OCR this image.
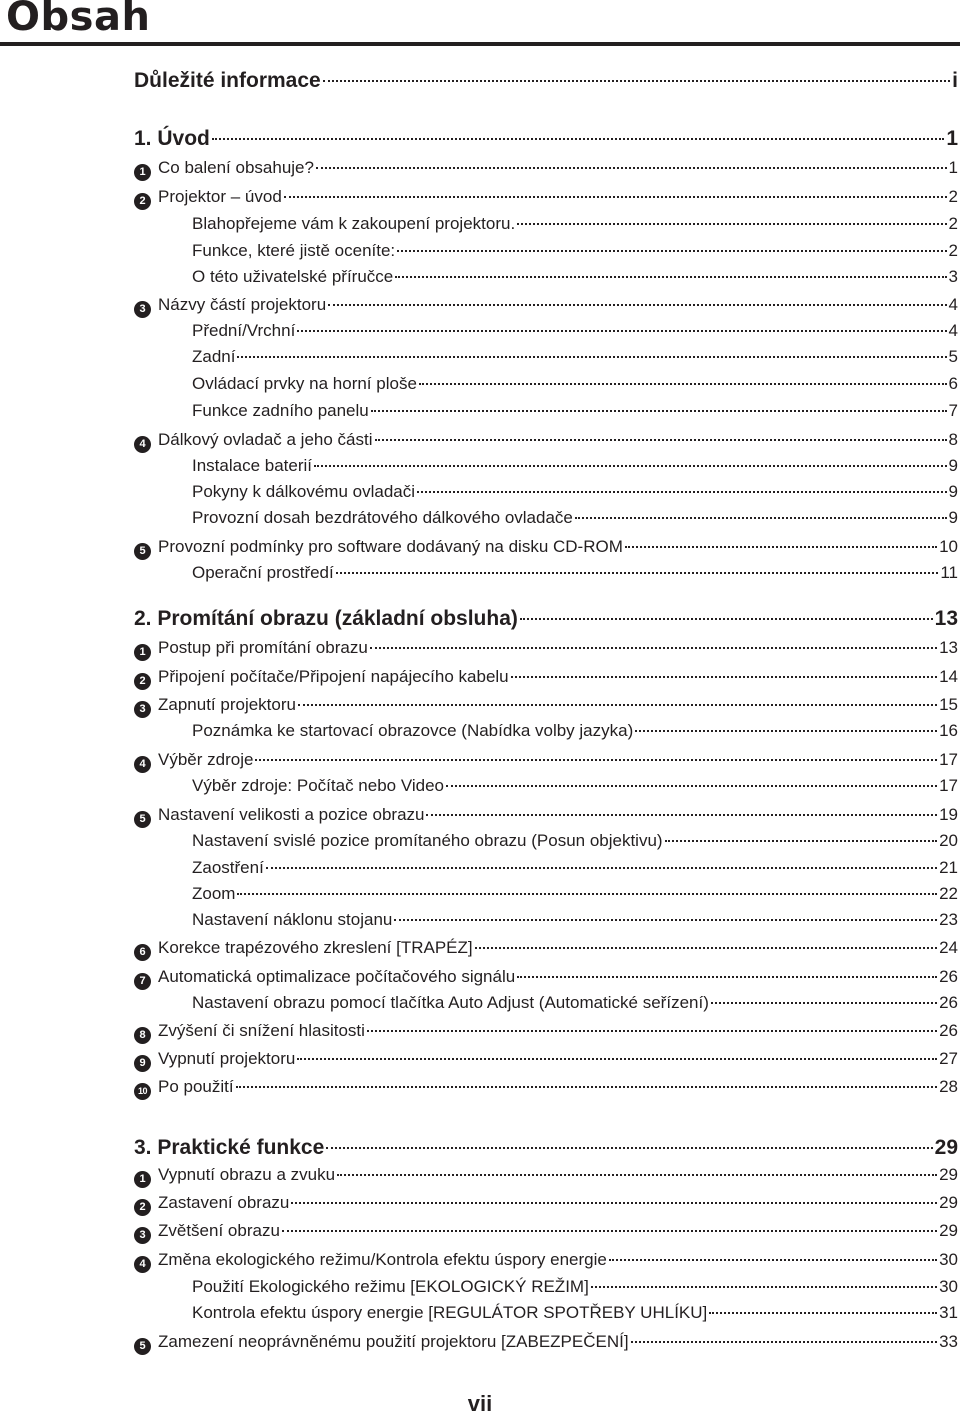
Obsah
Důležité informace	i
1. Úvod	1
1 Co balení obsahuje?	1
2 Projektor – úvod	2
Blahopřejeme vám k zakoupení projektoru.	2
Funkce, které jistě oceníte:	2
O této uživatelské příručce	3
3 Názvy částí projektoru	4
Přední/Vrchní	4
Zadní	5
Ovládací prvky na horní ploše	6
Funkce zadního panelu	7
4 Dálkový ovladač a jeho části	8
Instalace baterií	9
Pokyny k dálkovému ovladači	9
Provozní dosah bezdrátového dálkového ovladače	9
5 Provozní podmínky pro software dodávaný na disku CD-ROM	10
Operační prostředí	11
2. Promítání obrazu (základní obsluha)	13
1 Postup při promítání obrazu	13
2 Připojení počítače/Připojení napájecího kabelu	14
3 Zapnutí projektoru	15
Poznámka ke startovací obrazovce (Nabídka volby jazyka)	16
4 Výběr zdroje	17
Výběr zdroje: Počítač nebo Video	17
5 Nastavení velikosti a pozice obrazu	19
Nastavení svislé pozice promítaného obrazu (Posun objektivu)	20
Zaostření	21
Zoom	22
Nastavení náklonu stojanu	23
6 Korekce trapézového zkreslení [TRAPÉZ]	24
7 Automatická optimalizace počítačového signálu	26
Nastavení obrazu pomocí tlačítka Auto Adjust (Automatické seřízení)	26
8 Zvýšení či snížení hlasitosti	26
9 Vypnutí projektoru	27
10 Po použití	28
3. Praktické funkce	29
1 Vypnutí obrazu a zvuku	29
2 Zastavení obrazu	29
3 Zvětšení obrazu	29
4 Změna ekologického režimu/Kontrola efektu úspory energie	30
Použití Ekologického režimu [EKOLOGICKÝ REŽIM]	30
Kontrola efektu úspory energie [REGULÁTOR SPOTŘEBY UHLÍKU]	31
5 Zamezení neoprávněnému použití projektoru [ZABEZPEČENÍ]	33
vii
